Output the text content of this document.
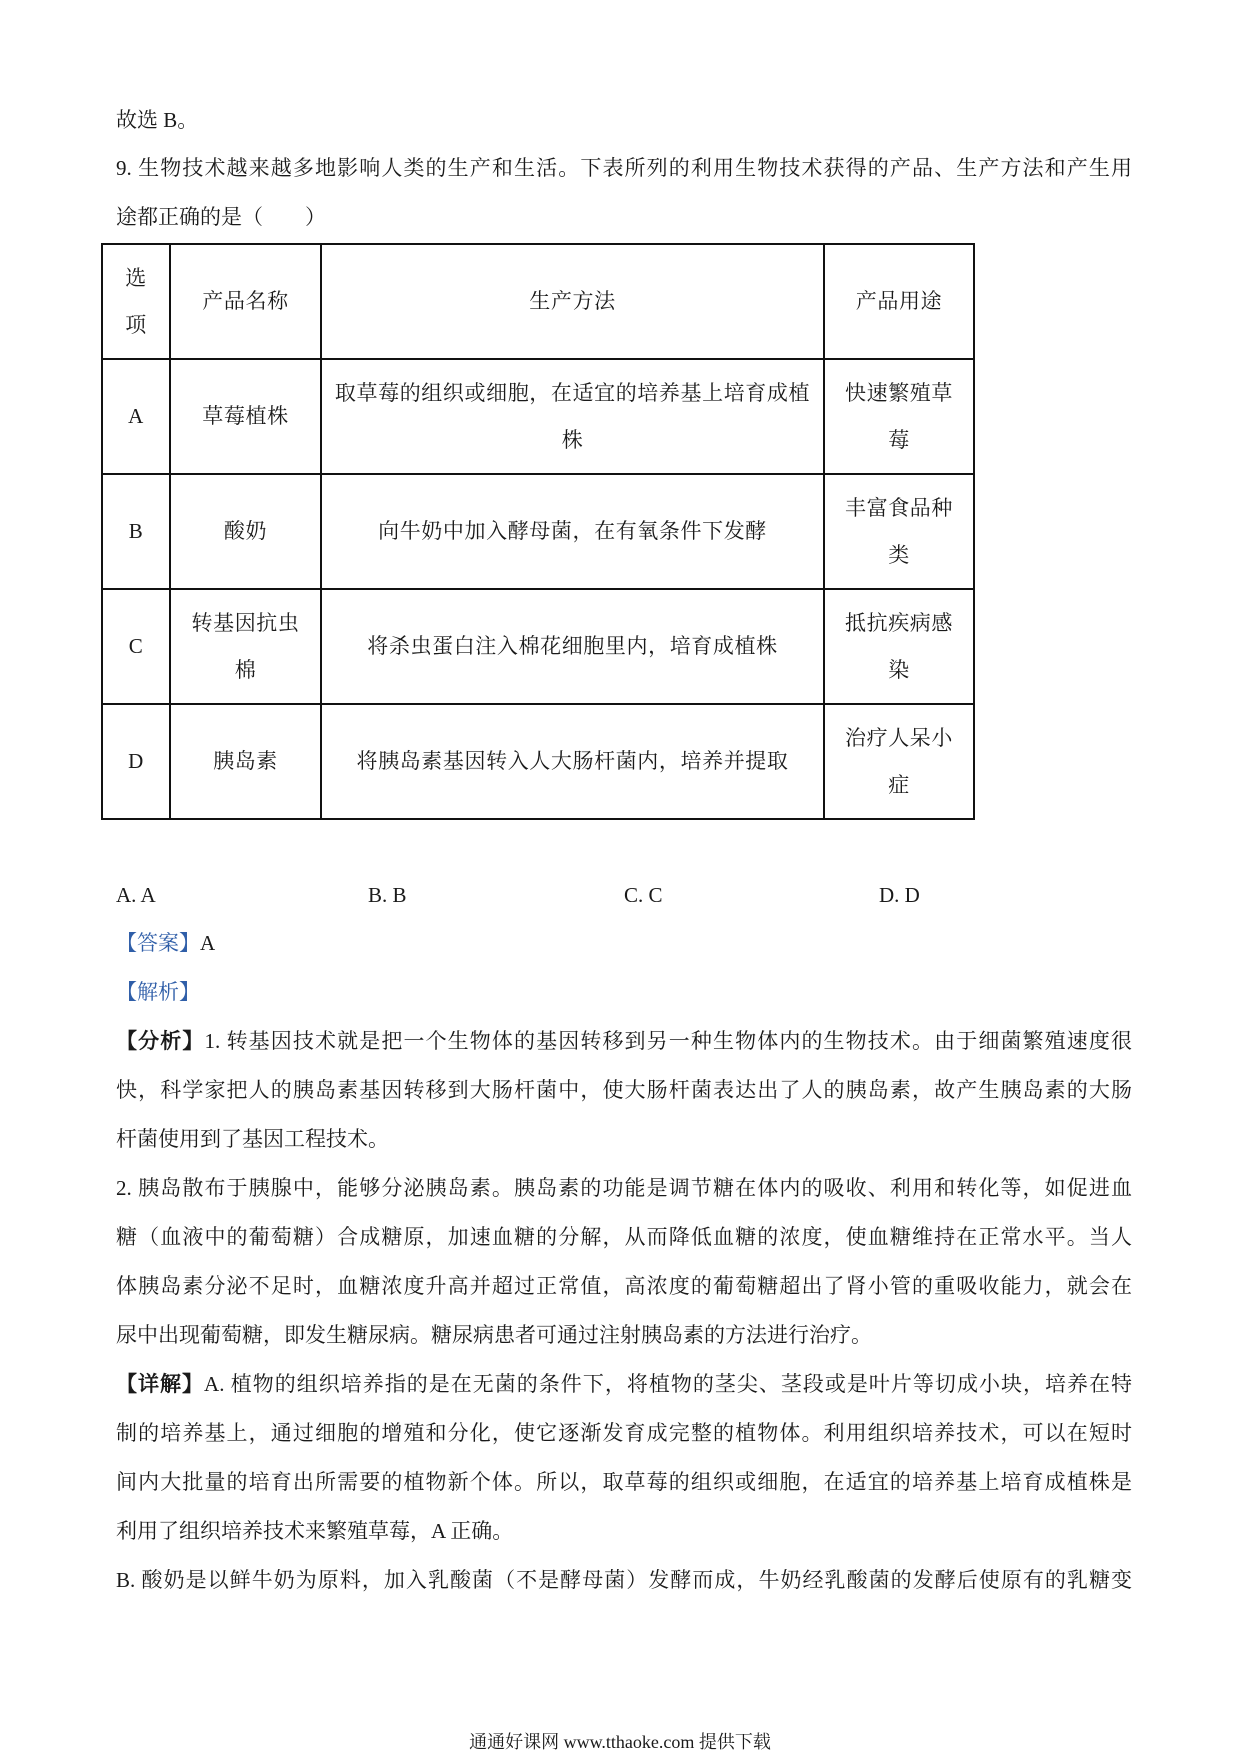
故选 B。
9. 生物技术越来越多地影响人类的生产和生活。下表所列的利用生物技术获得的产品、生产方法和产生用
途都正确的是（　　）
选项	产品名称	生产方法	产品用途

A	草莓植株	取草莓的组织或细胞，在适宜的培养基上培育成植株	快速繁殖草莓

B	酸奶	向牛奶中加入酵母菌，在有氧条件下发酵	丰富食品种类

C	转基因抗虫棉	将杀虫蛋白注入棉花细胞里内，培育成植株	抵抗疾病感染

D	胰岛素	将胰岛素基因转入人大肠杆菌内，培养并提取	治疗人呆小症
A. A	B. B	C. C	D. D
【答案】A
【解析】
【分析】1. 转基因技术就是把一个生物体的基因转移到另一种生物体内的生物技术。由于细菌繁殖速度很
快，科学家把人的胰岛素基因转移到大肠杆菌中，使大肠杆菌表达出了人的胰岛素，故产生胰岛素的大肠
杆菌使用到了基因工程技术。
2. 胰岛散布于胰腺中，能够分泌胰岛素。胰岛素的功能是调节糖在体内的吸收、利用和转化等，如促进血
糖（血液中的葡萄糖）合成糖原，加速血糖的分解，从而降低血糖的浓度，使血糖维持在正常水平。当人
体胰岛素分泌不足时，血糖浓度升高并超过正常值，高浓度的葡萄糖超出了肾小管的重吸收能力，就会在
尿中出现葡萄糖，即发生糖尿病。糖尿病患者可通过注射胰岛素的方法进行治疗。
【详解】A. 植物的组织培养指的是在无菌的条件下，将植物的茎尖、茎段或是叶片等切成小块，培养在特
制的培养基上，通过细胞的增殖和分化，使它逐渐发育成完整的植物体。利用组织培养技术，可以在短时
间内大批量的培育出所需要的植物新个体。所以，取草莓的组织或细胞，在适宜的培养基上培育成植株是
利用了组织培养技术来繁殖草莓，A 正确。
B. 酸奶是以鲜牛奶为原料，加入乳酸菌（不是酵母菌）发酵而成，牛奶经乳酸菌的发酵后使原有的乳糖变
通通好课网 www.tthaoke.com 提供下载
